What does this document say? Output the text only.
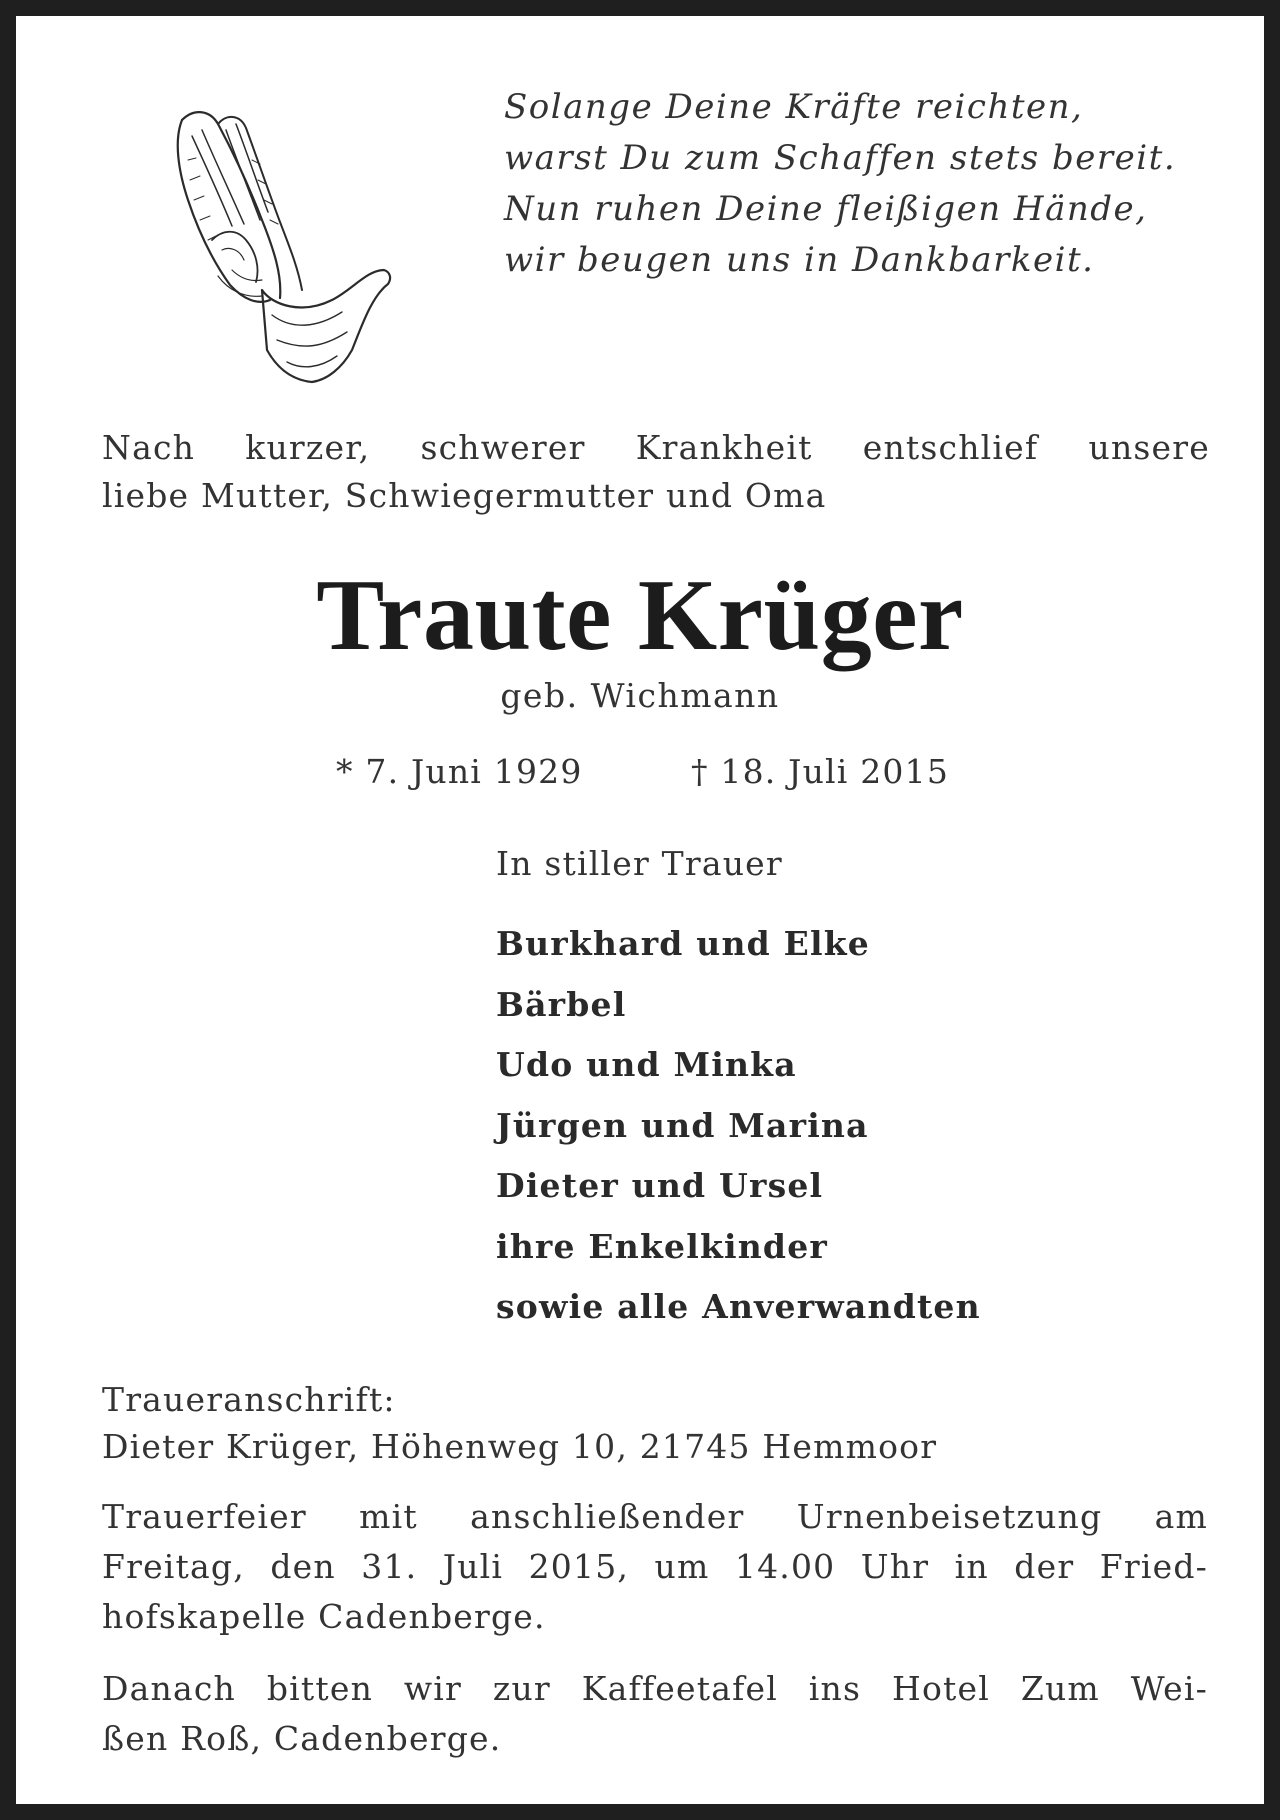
Solange Deine Kräfte reichten,
warst Du zum Schaffen stets bereit.
Nun ruhen Deine fleißigen Hände,
wir beugen uns in Dankbarkeit.
Nach kurzer, schwerer Krankheit entschlief unsere
liebe Mutter, Schwiegermutter und Oma
Traute Krüger
geb. Wichmann
* 7. Juni 1929	† 18. Juli 2015
In stiller Trauer
Burkhard und Elke
Bärbel
Udo und Minka
Jürgen und Marina
Dieter und Ursel
ihre Enkelkinder
sowie alle Anverwandten
Traueranschrift:
Dieter Krüger, Höhenweg 10, 21745 Hemmoor
Trauerfeier mit anschließender Urnenbeisetzung am
Freitag, den 31. Juli 2015, um 14.00 Uhr in der Fried-
hofskapelle Cadenberge.
Danach bitten wir zur Kaffeetafel ins Hotel Zum Wei-
ßen Roß, Cadenberge.
